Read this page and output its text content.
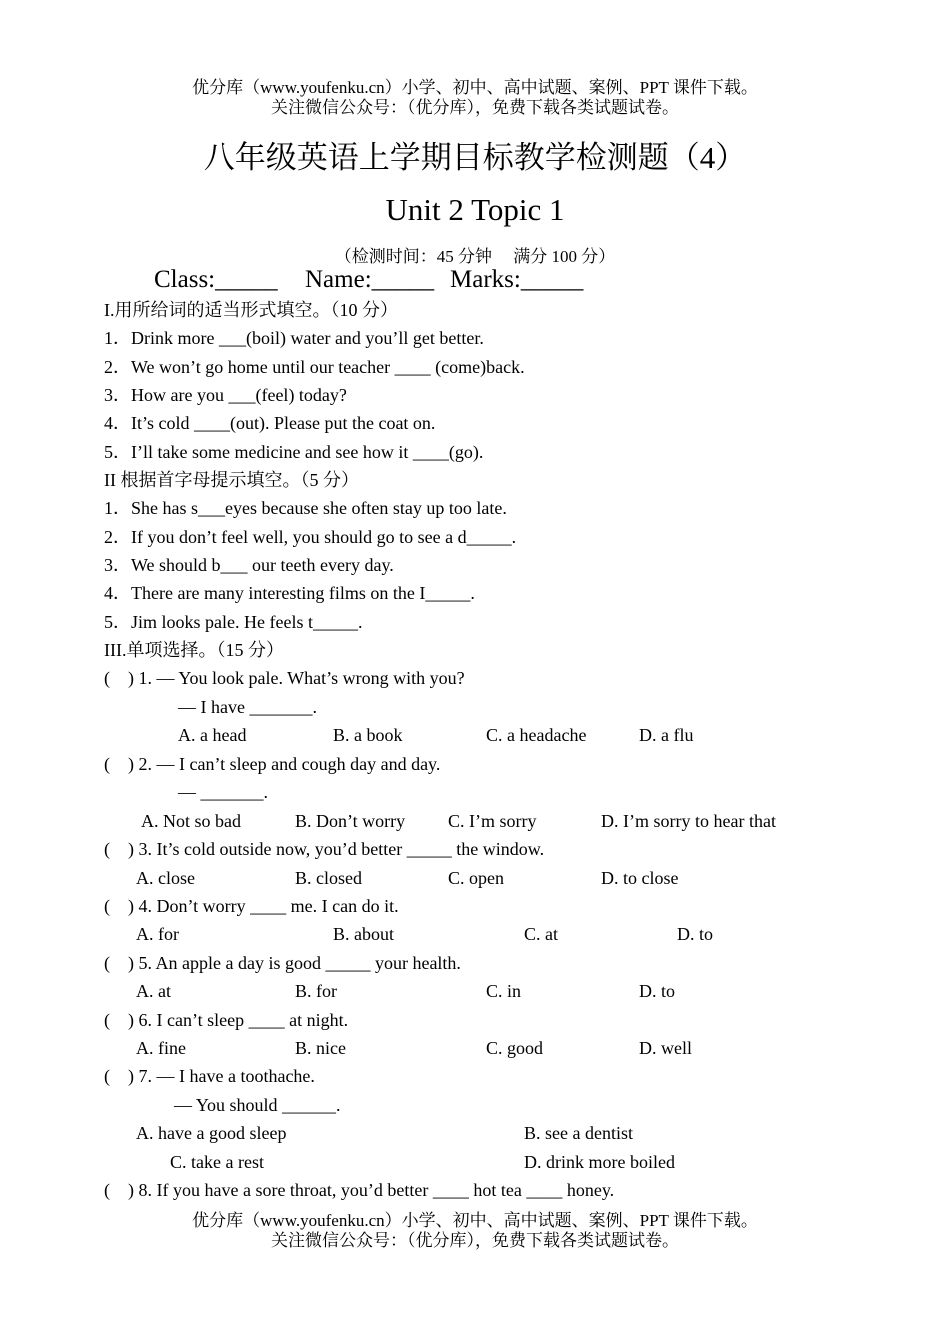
优分库（www.youfenku.cn）小学、初中、高中试题、案例、PPT 课件下载。
关注微信公众号：（优分库），免费下载各类试题试卷。
八年级英语上学期目标教学检测题（4）
Unit 2 Topic 1
（检测时间：45 分钟　 满分 100 分）
Class:_____ Name:_____ Marks:_____
I.用所给词的适当形式填空。（10 分）
1．Drink more ___(boil) water and you’ll get better.
2．We won’t go home until our teacher ____ (come)back.
3．How are you ___(feel) today?
4．It’s cold ____(out). Please put the coat on.
5．I’ll take some medicine and see how it ____(go).
II 根据首字母提示填空。（5 分）
1．She has s___eyes because she often stay up too late.
2．If you don’t feel well, you should go to see a d_____.
3．We should b___ our teeth every day.
4．There are many interesting films on the I_____.
5．Jim looks pale. He feels t_____.
III.单项选择。（15 分）
(　) 1. — You look pale. What’s wrong with you?
— I have _______.
A. a head	B. a book	C. a headache	D. a flu
(　) 2. — I can’t sleep and cough day and day.
— _______.
A. Not so bad	B. Don’t worry C. I’m sorry	D. I’m sorry to hear that
(　) 3. It’s cold outside now, you’d better _____ the window.
A. close	B. closed	C. open	D. to close
(　) 4. Don’t worry ____ me. I can do it.
A. for	B. about	C. at	D. to
(　) 5. An apple a day is good _____ your health.
A. at	B. for	C. in	D. to
(　) 6. I can’t sleep ____ at night.
A. fine	B. nice	C. good	D. well
(　) 7. — I have a toothache.
— You should ______.
A. have a good sleep	B. see a dentist
C. take a rest	D. drink more boiled
(　) 8. If you have a sore throat, you’d better ____ hot tea ____ honey.
优分库（www.youfenku.cn）小学、初中、高中试题、案例、PPT 课件下载。
关注微信公众号：（优分库），免费下载各类试题试卷。
